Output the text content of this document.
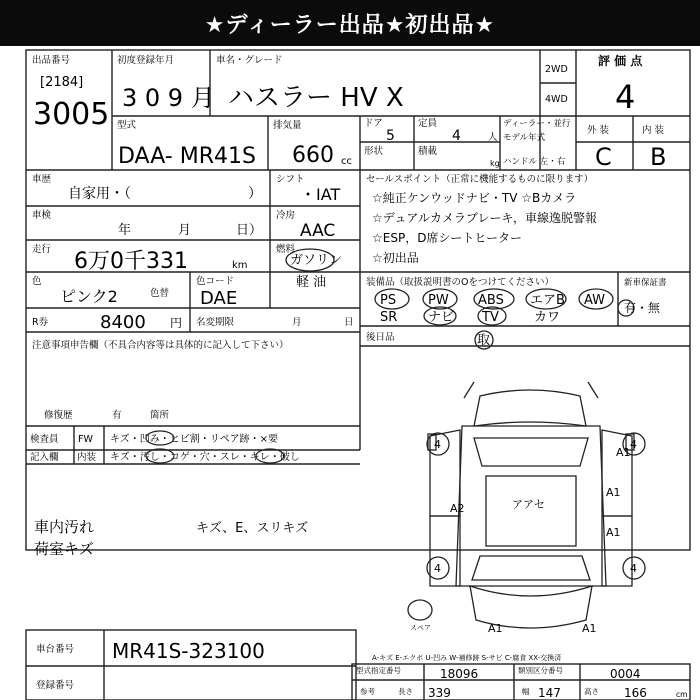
★ディーラー出品★初出品★
出品番号
[2184]
3005
初度登録年月
3 0 9 月
車名・グレード
ハスラー HV X
2WD
4WD
評 価 点
4
外 装	内 装
C B
型式
DAA- MR41S
排気量
660 cc
ドア
5
定員
4	人
ディーラー・並行
モデル年式
形状	積載
kg ハンドル 左・右
車歴
自家用・（	）
シフト
・IAT
車検
年	月	日）
冷房
AAC
走行 6万0千331	km
燃料
ガソリン
軽 油
色
ピンク2	色替
色コード
DAE
R券	8400 円 名変期限	月	日
セールスポイント（正常に機能するものに限ります）
☆純正ケンウッドナビ・TV ☆Bカメラ
☆デュアルカメラブレーキ，車線逸脱警報
☆ESP，D席シートヒーター
☆初出品
装備品（取扱説明書のOをつけてください）
PS PW ABS エアB AW
SR ナビ TV	カワ
新車保証書
有・無
後日品	取
注意事項申告欄（不具合内容等は具体的に記入して下さい）
修復歴	有	箇所
検査員
記入欄
FW
内装
キズ・凹み・ヒビ割・リペア跡・×要
キズ・汚し・コゲ・穴・スレ・キレ・破し
車内汚れ
荷室キズ
キズ、E、スリキズ
4	4
4	4
A2
A1
A1
A1	A1
A1
アアセ
スペア
車台番号 MR41S-323100
登録番号
A-キズ E-エクボ U-凹み W-補修跡 S-サビ C-腐食 XX-交換済
型式指定番号	18096	類別区分番号	0004
参考	長さ 339	幅 147	高さ 166	cm
